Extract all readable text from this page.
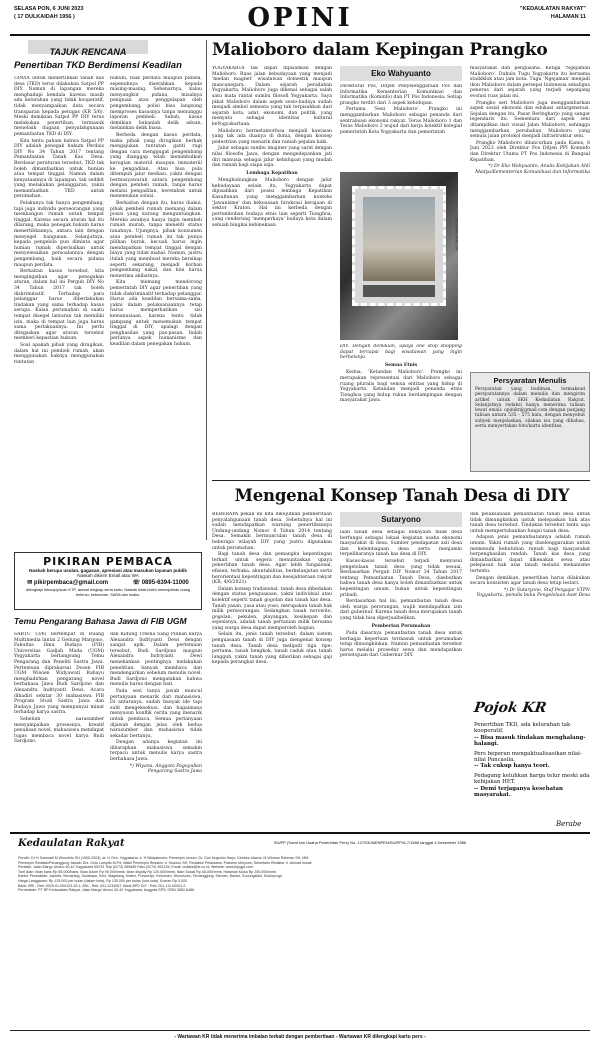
SELASA PON, 6 JUNI 2023
( 17 DULKAIDAH 1956 )	OPINI	"KEDAULATAN RAKYAT"
HALAMAN 11
TAJUK RENCANA
Penertiban TKD Berdimensi Keadilan

UPAYA untuk menertibkan tanah kas desa (TKD) terus dilakukan Satpol PP DIY. Namun di lapangan mereka menghadapi kendala karena masih ada kelurahan yang tidak kooperatif, tidak menyampaikan data secara transparan kepada petugas (KR 5/6). Meski demikian Satpol PP DIY terus melakukan penertiban, termasuk menelisik dugaan penyalahgunaan pemanfaatan TKD di DIY.

Kita tentu paham bahwa Satpol PP DIY adalah penegak hukum Perdais DIY No 34 Tahun 2017 tentang Pemanfaatan Tanah Kas Desa. Berdasar peraturan tersebut, TKD tak boleh dimanfaatkan untuk hunian atau tempat tinggal. Namun dalam kenyataannya di lapangan, tak sedikit yang melakukan pelanggaran, yakni memanfaatkan TKD untuk perumahan.

Pelakunya tak hanya pengembang, tapi juga individu perseorangan yang membangun rumah untuk tempat tinggal. Karena secara aturan hal itu dilarang, maka penegak hukum harus menertibkannya, antara lain dengan menyegel bangunan. Selanjutnya, kepada pengelola pun diminta agar hunian rumah diperisalkan untuk menyelesaikan persoalannya dengan pengembang, baik secara pidana maupun perdata.

Berkaitan kasus tersebut, kita mengingatkan agar penegakan aturan, dalam hal ini Pergub DIY No 34 Tahun 2017 tak boleh diskriminatif. Terhadap para pelanggar harus diberlakukan tindakan yang sama terhadap kasus serupa. Kalau perumahan di suatu tempat disegel lantaran tak memiliki izin, maka di tempat lain juga harus sama perlakuannya. Ini perlu ditegaskan agar aturan tersebut memberi kepastian hukum.

Soal apakah pihak yang dirugikan, dalam hal ini pembeli rumah, akan menggunakan haknya menggunakan tuntutan

hukum, baik perdata maupun pidana, sepenuhnya diserahkan kepada masing-masing. Sebenarnya, kalau menyangkut pidana, misalnya penipuan atau penggelapan oleh pengembang, polisi bisa langsung memproses kasusnya tanpa menunggu laporan pembeli. Sebab, kasus demikian bukanlah delik aduan, melainkan delik biasa.

Berbeda dengan kasus perdata, maka pihak yang dirugikan berhak mengajukan tuntutan ganti rugi dengan cara menggugat pengembang yang dianggap telah menimbulkan kerugian materiil maupun immateriil ke pengadilan. Atau bisa pula ditempuh jalur mediasi, yakni dengan bermusyawarah antara pengembang dengan pembeli rumah, tanpa harus melalui pengadilan, berembuk untuk menemukan solusi.

Berkaitan dengan itu, harus diakui, pihak pembeli rumah memang dalam posisi yang kurang menguntungkan. Mereka awalnya hanya ingin membeli rumah murah, tanpa meneliti status tanahnya. Ujungnya, pihak konsumen atau pembeli rumah ini tak punya pilihan buruk, kecuali harus ingin mendapatkan tempat tinggal dengan biaya yang tidak mahal. Namun, justru itulah yang membuat mereka bersikap seperti sekarang, menjadi korban pengembang nakal, dan kini harus menerima akibatnya.

Kita memang mendorong pemerintah DIY agar penertiban yang tidak diskriminatif terhadap pelanggar. Harus ada keadilan bersama-sama, yakni dalam pelaksanaannya tetap harus memperhatikan sisi kemanusiaan, karena tentu tidak gampang untuk menemukan tempat tinggal di DIY, apalagi dengan penghasilan yang pas-pasan. Inilah perlunya aspek humanisme dan keadilan dalam penegakan hukum.

PIKIRAN PEMBACA
Naskah berupa usulan, gagasan, apresiasi atau masukan layanan publik
Naskah dikirim Email atau WA
✉ pikirpembaca@gmail.com	☏ 0895-6394-11000
dilengkapi fotocopy/scan KTP, alamat lengkap serta kartu. Naskah tidak boleh memojokkan orang tertentu, kebencian, SARA dan hoaks.
Temu Pengarang Bahasa Jawa di FIB UGM

SABTU (3/6) bertempat di Ruang Multimedia lantai 2 Gedung Margono, Fakultas Ilmu Budaya (FIB) Universitas Gadjah Mada (UGM) Yogyakarta berlangsung Temu Pengarang dan Peneliti Sastra Jawa. Pertemuan diprakarsai Dosen FIB UGM Wiwien Widyawati Rahayu menghadirkan pengarang novel berbahasa Jawa Budi Sardjono dan Alexandra Indriyanti Dewi. Acara dihadiri sekitar 30 mahasiswa FIB Program Studi Sastra Jawa dan Budaya Jawa yang mempunyai minat terhadap karya sastra.

Sebelum narasumber menyampaikan prosesnya, kreatif penulisan novel, mahasiswa mendapat tugas membaca novel karya Budi Sardjono.

dan Kidung Tresna Sang Pilihan karya Alexandra Indriyanti Dewi dengan sangat apik. Dalam pertemuan tersebut, Budi Sardjono maupun Alexandra Indriyanti Dewi menekankan pentingnya melakukan penelitian, banyak membaca dan mendengarkan sebelum menulis novel. Budi Sardjono mengatakan bahwa menulis harus dengan hati.

Pada sesi tanya jawab muncul pertanyaan menarik dari mahasiswa. Di antaranya, sudah banyak ide tapi sulit mengeksekusi, dan bagaimana menyusun konflik cerita yang menarik untuk pembaca. Semua pertanyaan dijawab dengan jelas oleh kedua narasumber dan mahasiswa tidak sekadar bertanya.

Dengan adanya kegiatan ini diharapkan mahasiswa semakin terpacu untuk menulis karya sastra berbahasa Jawa.

*) Wiyana, Anggota Paguyuban Pengarang Sastra Jawa

Malioboro dalam Kepingan Prangko

YOGYAKARTA tak dapat dipisahkan dengan Malioboro. Ruas jalan kebudayaan yang menjadi 'medan magnet' wisatawan domestik maupun mancanegara. Dalam sejarah peradaban Yogyakarta, Malioboro juga dikenal sebagai salah satu mata rantai sumbu filosofi Yogyakarta. Saya pikat Malioboro dalam aspek sosio-budaya sudah menjadi simbol semesta yang tak terpisahkan dari sejarah kota, adat, ekonomi, dan politik, yang menyatu sebagai identitas kultural keYogyakartaan.

Malioboro bermetamorfosa menjadi kawasan yang tak ada duanya di dunia, dengan konsep pedestrian yang menarik dan ramah pejalan kaki.

Jalur sebagai sumbu imajiner yang sarat dengan nilai filosofis Jawa, dengan mengedepankan jati diri manusia sebagai jalur kehidupan yang mudah dan ramah bagi siapa saja.

Lembaga Kepatihan

Menghubungkan Malioboro dengan jalur kebudayaan selain itu, Yogyakarta dapat dipisahkan dari posisi lembaga Kepatihan Kasultanan yang menggambarkan konteks 'Jawanisme' dan kekuasaan birokrasi kerajaan di sektor Kraton. Hal ini kerbeda dengan pertumbuhan budaya etnis lain seperti Tionghoa, yang cenderung 'memperkaya' budaya kota dalam sebuah bingkai kebinekaan.

Eko Wahyuanto

Direktorat Pos, Ditjen Penyelenggaraan Pos dan Informatika Kementerian Komunikasi dan Informatika (Kominfo) dan PT Pos Indonesia. Setiap prangko terdiri dari 3 aspek kehidupan.

Pertama 'Seni Malioboro'. Prangko ini menggambarkan Malioboro sebagai penanda dari sentralisasi ekonomi rakyat. Teras Malioboro 1 dan Teras Malioboro 2 wujud dari kerja kolektif kolegial pemerintah Kota Yogyakarta dan pemerintah

KR-JAYU SANTOSO

DIY. Dengan demikian, upaya one stop shopping dapat tercapai bagi wisatawan yang ingin berbelanja.

Semua Etnis

Kedua, 'Ketandan Malioboro'. Prangko ini merupakan representasi dari Malioboro sebagai ruang pluralis bagi semua entitas yang hidup di Yogyakarta. Ketandan menjadi penanda etnis Tionghoa yang hidup rukun berdampingan dengan masyarakat Jawa.

masyarakat dan pengusaha. Ketiga 'Ngejaman Malioboro'. Dahulu Tugu Yogyakarta itu bernama stadsklok atau jam kota. Tugu 'Ngejaman' menjadi ikon Malioboro dalam persepsi Indonesia sekaligus penerus dari sejarah yang terjadi sepanjang evolusi ruas jalan ini.

Prangko seri Malioboro juga menggambarkan aspek sosial ekonomi dan edukasi antargenerasi. Sejalan dengan itu, Pasar Beringharjo yang sangat legendaris itu. Sementara dari aspek seni ditampilkan dari visual Jalan Malioboro, sehingga menggambarkan perubahan Malioboro yang semula jalan protokol menjadi infrastruktur seni.

Prangko Malioboro diluncurkan pada Kamis, 8 Juni 2023 oleh Direktur Pos Ditjen PPI Kominfo dan Direktur Utama PT Pos Indonesia di Bangsal Kepatihan.

*) Dr Eko Wahyuanto, Analis Kebijakan Ahli Madya/Kementerian Komunikasi dan Informatika

Persyaratan Menulis
Persyaratan yang budiman, termaksud persyaratannya dalam menulis dan mengirim artikel untuk SKH Kedaulatan Rakyat. Selanjutnya redaksi hanya menerima tulisan lewat email: opinikr@gmail.com dengan panjang tulisan antara 535 - 575 kata, dengan menyebut subyek menjelaskan, silakan isu yang dibahas, serta menyertakan foto/kartu identitas.
Mengenal Konsep Tanah Desa di DIY

BEBERAPA pekan ini kita dikejutkan pemberitaan penyalahgunaan tanah desa. Sebetulnya hal ini sudah mendapatkan warning penertibannya Undang-undang Nomor 6 Tahun 2014 tentang Desa. Semakin bermunculan tanah desa di beberapa wilayah DIY yang justru digunakan untuk perumahan.

Bagi tanah desa dan pemangku kepentingan terkait untuk segera menuntaskan upaya penertiban tanah desa. Agar lebih fungsional, efisien, terbuka, akuntabilitas, berkelanjutan serta berorientasi kepentingan dan kesejahteraan rakyat (KR, 4/6/2023).

Dalam konsep tradisional, tanah desa dibedakan dengan status penguasaan, yakni individual atau kolektif seperti tanah gogolan dan tanah kas desa. Tanah yasan, yasa atau yoso, merupakan tanah hak milik perseorangan. Sedangkan tanah norowito, gogolan, pekulen, playangan, kesikepan dan sejenisnya, adalah tanah pertanian milik bersama yang warga desa dapat memperoleh bagian.

Selain itu, jenis tanah tersebut, dalam sistem penguasaan tanah di DIY juga mengenal konsep tanah desa. Tanah desa meliputi tiga tipe: pertama, tanah bengkok, tanah caduk atau tanah lungguh, yakni tanah yang diberikan sebagai gaji kepada perangkat desa.

Sutaryono

laan tanah desa sebagai kekayaan milik desa berfungsi sebagai lokasi kegiatan usaha ekonomi masyarakat di desa. Sumber pendapatan asli desa dan kelembagaan desa serta menjamin terpeliharanya tanah kas desa di DIY.

Kasus-kasus tersebut terjadi menyusul pengelolaan tanah desa yang tidak sesuai. Berdasarkan Pergub DIY Nomor 34 Tahun 2017 tentang Pemanfaatan Tanah Desa, disebutkan bahwa tanah desa hanya boleh dimanfaatkan untuk kepentingan umum, bukan untuk kepentingan pribadi.

Berdasarkan hal ini, pemanfaatan tanah desa oleh warga perorangan, wajib mendapatkan izin dari gubernur. Karena tanah desa merupakan tanah yang tidak bisa diperjualbelikan.

Pemberian Perumahan

Pada dasarnya pemanfaatan tanah desa untuk berbagai keperluan termasuk untuk perumahan tetap dimungkinkan. Namun pemanfaatan tersebut harus melalui prosedur sewa dan mendapatkan persetujuan dari Gubernur DIY.

dan pelaksanaan pemanfaatan tanah desa untuk tidak dimungkinkan untuk melepaskan hak atas tanah desa tersebut. Tindakan tersebut tentu saja untuk mempertahankan fungsi tanah desa.

Adapun jenis pemanfaatannya adalah rumah umum. Yakni rumah yang diselenggarakan untuk memenuhi kebutuhan rumah bagi masyarakat berpenghasilan rendah. Tanah kas desa yang dimanfaatkan dapat dikenakan sewa atau pelepasan hak atas tanah melalui mekanisme tertentu.

Dengan demikian, penertiban harus dilakukan secara konsisten agar tanah desa tetap lestari.

*) Dr Sutaryono, Staf Pengajar STPN Yogyakarta, penulis buku Pengelolaan Aset Desa

Pojok KR
Penertiban TKD, ada kelurahan tak kooperatif.
-- Bisa masuk tindakan menghalang-halangi.
Pers beperan mengaktualisasikan nilai-nilai Pancasila.
-- Tak cukup hanya teori.
Pedagang keluhkan harga telur meski ada kebijakan HET.
-- Demi terjaganya kesehatan masyarakat.
Berabe
Kedaulatan Rakyat	SIUPP (Surat Izin Usaha Penerbitan Pers) No. 127/SK/MENPEN/SIUPP/A.7/1986 tanggal 4 Desember 1986
Pendiri: Dr H Soemadi M Wonohito SH (1905-2003); dr. H Gen. Yogyakarta; Ir. H Widyatmoko; Pemimpin Umum: Dr. Gun Nugroho Harjo; Direktur Utama: M Wirman Rahman SH, MM
Pemimpin Redaksi/Penanggung Jawab: Drs. Octo Lampito M.Pd; Wakil Pemimpin Redaksi: Ir. Hudono SH; Redaktur Pelaksana: Pratomo Mulyono; Sekretaris Redaksi: Ir. Ahmad Ismail
Redaksi: Jalan Margo Utomo 40-42 Yogyakarta 55233 Telp (0274) 565685 Faks (0274) 563125; Email: redaksi@kr.co.id; Website: www.krjogja.com
Tarif Iklan: Iklan baris Rp 55.000/baris; Iklan kolom Rp 90.000/mmk; Iklan display Rp 125.000/mmk; Iklan Sosial Rp 45.000/mmk; Halaman Muka Rp 250.000/mmk
Kantor Perwakilan: Jakarta, Semarang, Surabaya, Solo, Magelang, Klaten, Purworejo, Kebumen, Wonosobo, Temanggung, Sleman, Bantul, Gunungkidul, Kulonprogo
Harga Langganan: Rp 125.000 per bulan (dalam kota), Rp 135.000 per bulan (luar kota). Eceran Rp 5.000
Bank: BRI - Rek: 0029-01-000123-30-1; BNI - Rek: 001-1234567; Bank BPD DIY - Rek: 001-111-00001-2
Percetakan: PT BP Kedaulatan Rakyat, Jalan Margo Utomo 40-42 Yogyakarta; Anggota SPS; ISSN 0852-6486
- Wartawan KR tidak menerima imbalan terkait dengan pemberitaan - Wartawan KR dilengkapi kartu pers -
